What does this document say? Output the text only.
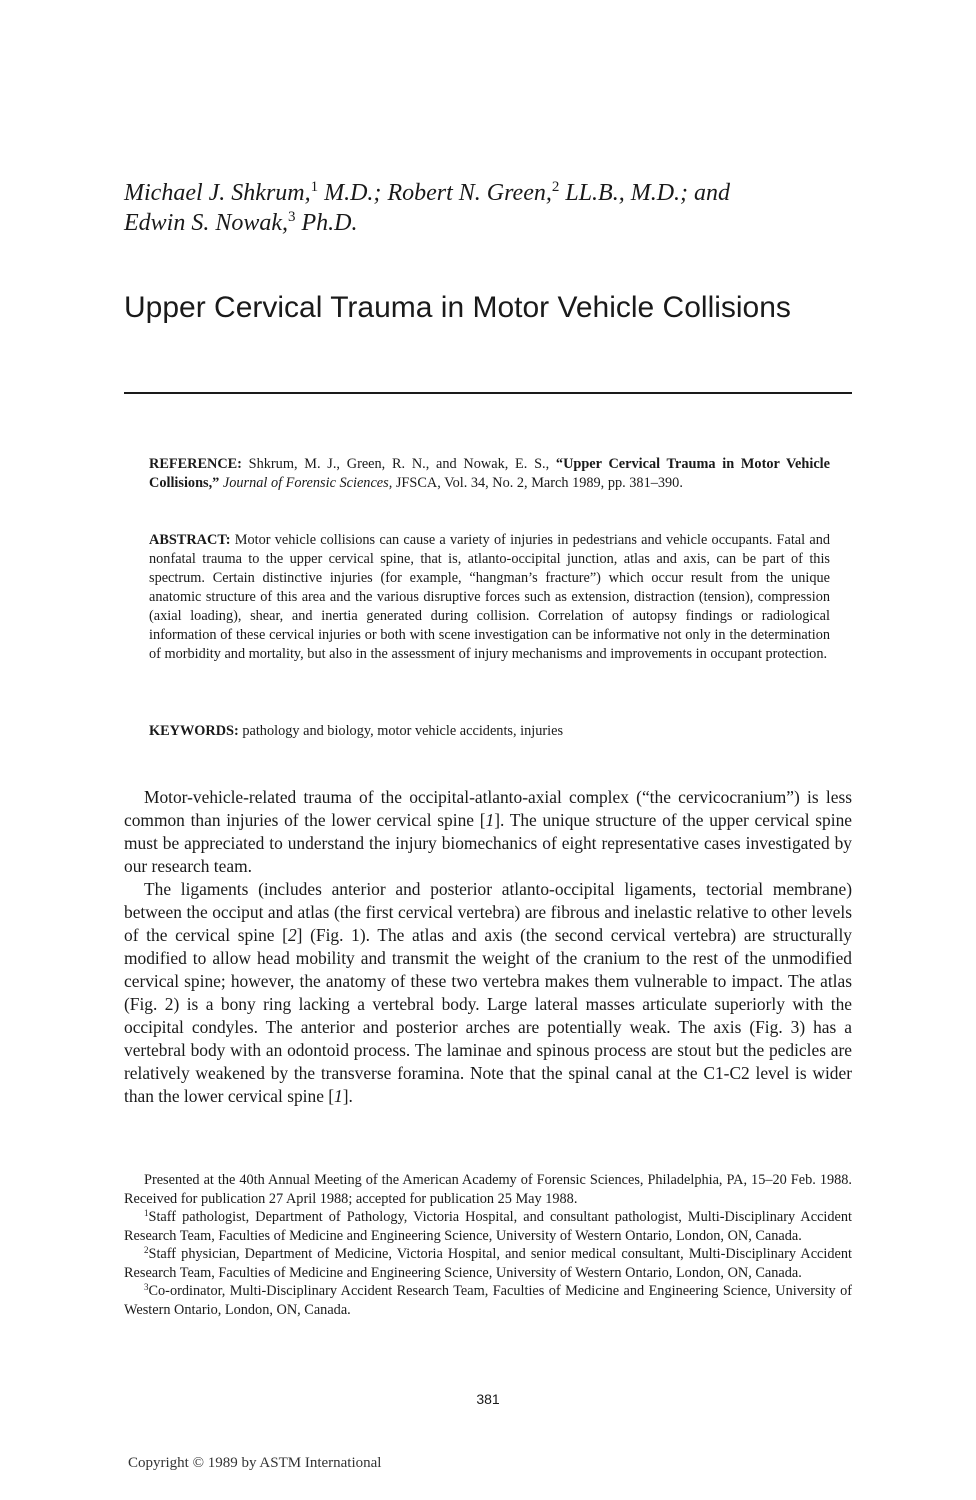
Michael J. Shkrum,$^1$ M.D.; Robert N. Green,$^2$ LL.B., M.D.; and
Edwin S. Nowak,$^3$ Ph.D.
Upper Cervical Trauma in Motor Vehicle Collisions
REFERENCE: Shkrum, M. J., Green, R. N., and Nowak, E. S., “Upper Cervical Trauma in Motor Vehicle Collisions,” Journal of Forensic Sciences, JFSCA, Vol. 34, No. 2, March 1989, pp. 381–390.
ABSTRACT: Motor vehicle collisions can cause a variety of injuries in pedestrians and vehicle occupants. Fatal and nonfatal trauma to the upper cervical spine, that is, atlanto-occipital junction, atlas and axis, can be part of this spectrum. Certain distinctive injuries (for example, “hangman’s fracture”) which occur result from the unique anatomic structure of this area and the various disruptive forces such as extension, distraction (tension), compression (axial loading), shear, and inertia generated during collision. Correlation of autopsy findings or radiological information of these cervical injuries or both with scene investigation can be informative not only in the determination of morbidity and mortality, but also in the assessment of injury mechanisms and improvements in occupant protection.
KEYWORDS: pathology and biology, motor vehicle accidents, injuries

Motor-vehicle-related trauma of the occipital-atlanto-axial complex (“the cervicocranium”) is less common than injuries of the lower cervical spine [1]. The unique structure of the upper cervical spine must be appreciated to understand the injury biomechanics of eight representative cases investigated by our research team.

The ligaments (includes anterior and posterior atlanto-occipital ligaments, tectorial membrane) between the occiput and atlas (the first cervical vertebra) are fibrous and inelastic relative to other levels of the cervical spine [2] (Fig. 1). The atlas and axis (the second cervical vertebra) are structurally modified to allow head mobility and transmit the weight of the cranium to the rest of the unmodified cervical spine; however, the anatomy of these two vertebra makes them vulnerable to impact. The atlas (Fig. 2) is a bony ring lacking a vertebral body. Large lateral masses articulate superiorly with the occipital condyles. The anterior and posterior arches are potentially weak. The axis (Fig. 3) has a vertebral body with an odontoid process. The laminae and spinous process are stout but the pedicles are relatively weakened by the transverse foramina. Note that the spinal canal at the C1-C2 level is wider than the lower cervical spine [1].

Presented at the 40th Annual Meeting of the American Academy of Forensic Sciences, Philadelphia, PA, 15–20 Feb. 1988. Received for publication 27 April 1988; accepted for publication 25 May 1988.

$^1$Staff pathologist, Department of Pathology, Victoria Hospital, and consultant pathologist, Multi-Disciplinary Accident Research Team, Faculties of Medicine and Engineering Science, University of Western Ontario, London, ON, Canada.

$^2$Staff physician, Department of Medicine, Victoria Hospital, and senior medical consultant, Multi-Disciplinary Accident Research Team, Faculties of Medicine and Engineering Science, University of Western Ontario, London, ON, Canada.

$^3$Co-ordinator, Multi-Disciplinary Accident Research Team, Faculties of Medicine and Engineering Science, University of Western Ontario, London, ON, Canada.

381
Copyright © 1989 by ASTM International
